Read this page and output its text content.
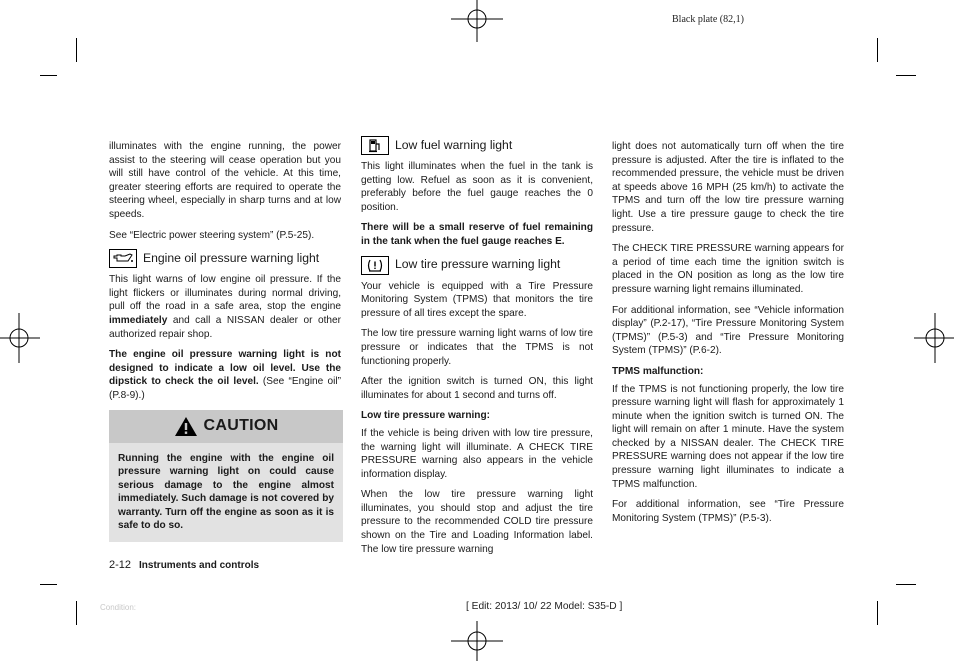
Black plate (82,1)

illuminates with the engine running, the power assist to the steering will cease operation but you will still have control of the vehicle. At this time, greater steering efforts are required to operate the steering wheel, especially in sharp turns and at low speeds.

See “Electric power steering system” (P.5-25).

Engine oil pressure warning light

This light warns of low engine oil pressure. If the light flickers or illuminates during normal driving, pull off the road in a safe area, stop the engine immediately and call a NISSAN dealer or other authorized repair shop.

The engine oil pressure warning light is not designed to indicate a low oil level. Use the dipstick to check the oil level. (See “Engine oil” (P.8-9).)

CAUTION
Running the engine with the engine oil pressure warning light on could cause serious damage to the engine almost immediately. Such damage is not covered by warranty. Turn off the engine as soon as it is safe to do so.
Low fuel warning light

This light illuminates when the fuel in the tank is getting low. Refuel as soon as it is convenient, preferably before the fuel gauge reaches the 0 position.

There will be a small reserve of fuel remaining in the tank when the fuel gauge reaches E.

Low tire pressure warning light

Your vehicle is equipped with a Tire Pressure Monitoring System (TPMS) that monitors the tire pressure of all tires except the spare.

The low tire pressure warning light warns of low tire pressure or indicates that the TPMS is not functioning properly.

After the ignition switch is turned ON, this light illuminates for about 1 second and turns off.

Low tire pressure warning:

If the vehicle is being driven with low tire pressure, the warning light will illuminate. A CHECK TIRE PRESSURE warning also appears in the vehicle information display.

When the low tire pressure warning light illuminates, you should stop and adjust the tire pressure to the recommended COLD tire pressure shown on the Tire and Loading Information label. The low tire pressure warning

light does not automatically turn off when the tire pressure is adjusted. After the tire is inflated to the recommended pressure, the vehicle must be driven at speeds above 16 MPH (25 km/h) to activate the TPMS and turn off the low tire pressure warning light. Use a tire pressure gauge to check the tire pressure.

The CHECK TIRE PRESSURE warning appears for a period of time each time the ignition switch is placed in the ON position as long as the low tire pressure warning light remains illuminated.

For additional information, see “Vehicle information display” (P.2-17), “Tire Pressure Monitoring System (TPMS)” (P.5-3) and “Tire Pressure Monitoring System (TPMS)” (P.6-2).

TPMS malfunction:

If the TPMS is not functioning properly, the low tire pressure warning light will flash for approximately 1 minute when the ignition switch is turned ON. The light will remain on after 1 minute. Have the system checked by a NISSAN dealer. The CHECK TIRE PRESSURE warning does not appear if the low tire pressure warning light illuminates to indicate a TPMS malfunction.

For additional information, see “Tire Pressure Monitoring System (TPMS)” (P.5-3).

2-12 Instruments and controls
Condition:	[ Edit: 2013/ 10/ 22 Model: S35-D ]
